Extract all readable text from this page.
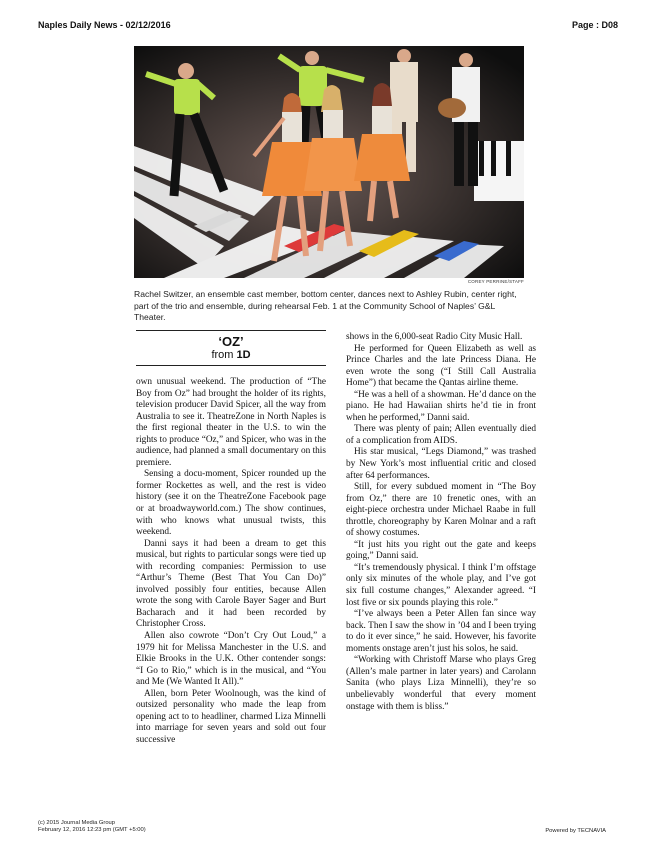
Naples Daily News - 02/12/2016	Page : D08
COREY PERRINE/STAFF
Rachel Switzer, an ensemble cast member, bottom center, dances next to Ashley Rubin, center right, part of the trio and ensemble, during rehearsal Feb. 1 at the Community School of Naples’ G&L Theater.
‘OZ’
from 1D

own unusual weekend. The production of “The Boy from Oz” had brought the holder of its rights, television producer David Spicer, all the way from Australia to see it. TheatreZone in North Naples is the first regional theater in the U.S. to win the rights to produce “Oz,” and Spicer, who was in the audience, had planned a small documentary on this premiere.

Sensing a docu-moment, Spicer rounded up the former Rockettes as well, and the rest is video history (see it on the TheatreZone Facebook page or at broadwayworld.com.) The show continues, with who knows what unusual twists, this weekend.

Danni says it had been a dream to get this musical, but rights to particular songs were tied up with recording companies: Permission to use “Arthur’s Theme (Best That You Can Do)” involved possibly four entities, because Allen wrote the song with Carole Bayer Sager and Burt Bacharach and it had been recorded by Christopher Cross.

Allen also cowrote “Don’t Cry Out Loud,” a 1979 hit for Melissa Manchester in the U.S. and Elkie Brooks in the U.K. Other contender songs: “I Go to Rio,” which is in the musical, and “You and Me (We Wanted It All).”

Allen, born Peter Woolnough, was the kind of outsized personality who made the leap from opening act to to headliner, charmed Liza Minnelli into marriage for seven years and sold out four successive

shows in the 6,000-seat Radio City Music Hall.

He performed for Queen Elizabeth as well as Prince Charles and the late Princess Diana. He even wrote the song (“I Still Call Australia Home”) that became the Qantas airline theme.

“He was a hell of a showman. He’d dance on the piano. He had Hawaiian shirts he’d tie in front when he performed,” Danni said.

There was plenty of pain; Allen eventually died of a complication from AIDS.

His star musical, “Legs Diamond,” was trashed by New York’s most influential critic and closed after 64 performances.

Still, for every subdued moment in “The Boy from Oz,” there are 10 frenetic ones, with an eight-piece orchestra under Michael Raabe in full throttle, choreography by Karen Molnar and a raft of showy costumes.

“It just hits you right out the gate and keeps going,” Danni said.

“It’s tremendously physical. I think I’m offstage only six minutes of the whole play, and I’ve got six full costume changes,” Alexander agreed. “I lost five or six pounds playing this role.”

“I’ve always been a Peter Allen fan since way back. Then I saw the show in ’04 and I been trying to do it ever since,” he said. However, his favorite moments onstage aren’t just his solos, he said.

“Working with Christoff Marse who plays Greg (Allen’s male partner in later years) and Carolann Sanita (who plays Liza Minnelli), they’re so unbelievably wonderful that every moment onstage with them is bliss.”

(c) 2015 Journal Media Group
February 12, 2016 12:23 pm (GMT +5:00)	Powered by TECNAVIA
